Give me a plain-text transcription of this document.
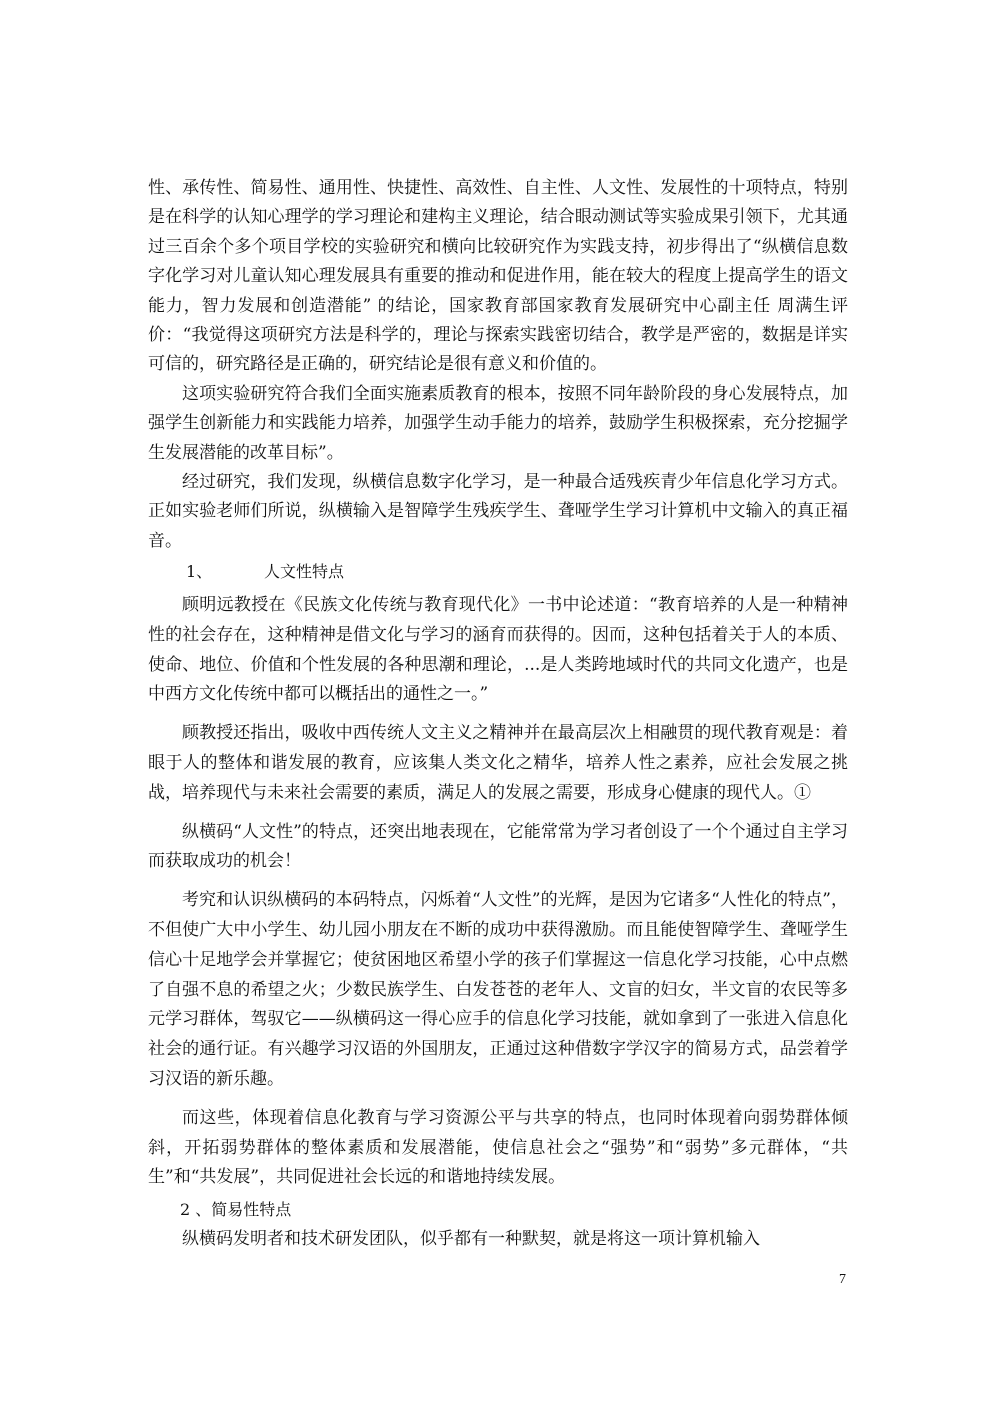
性、承传性、简易性、通用性、快捷性、高效性、自主性、人文性、发展性的十项特点，特别是在科学的认知心理学的学习理论和建构主义理论，结合眼动测试等实验成果引领下，尤其通过三百余个多个项目学校的实验研究和横向比较研究作为实践支持，初步得出了“纵横信息数字化学习对儿童认知心理发展具有重要的推动和促进作用，能在较大的程度上提高学生的语文能力，智力发展和创造潜能” 的结论，国家教育部国家教育发展研究中心副主任 周满生评价：“我觉得这项研究方法是科学的，理论与探索实践密切结合，教学是严密的，数据是详实可信的，研究路径是正确的，研究结论是很有意义和价值的。

这项实验研究符合我们全面实施素质教育的根本，按照不同年龄阶段的身心发展特点，加强学生创新能力和实践能力培养，加强学生动手能力的培养，鼓励学生积极探索，充分挖掘学生发展潜能的改革目标”。

经过研究，我们发现，纵横信息数字化学习，是一种最合适残疾青少年信息化学习方式。正如实验老师们所说，纵横输入是智障学生残疾学生、聋哑学生学习计算机中文输入的真正福音。

1、	人文性特点

顾明远教授在《民族文化传统与教育现代化》一书中论述道：“教育培养的人是一种精神性的社会存在，这种精神是借文化与学习的涵育而获得的。因而，这种包括着关于人的本质、使命、地位、价值和个性发展的各种思潮和理论，...是人类跨地域时代的共同文化遗产，也是中西方文化传统中都可以概括出的通性之一。”

顾教授还指出，吸收中西传统人文主义之精神并在最高层次上相融贯的现代教育观是：着眼于人的整体和谐发展的教育，应该集人类文化之精华，培养人性之素养，应社会发展之挑战，培养现代与未来社会需要的素质，满足人的发展之需要，形成身心健康的现代人。①

纵横码“人文性”的特点，还突出地表现在，它能常常为学习者创设了一个个通过自主学习而获取成功的机会！

考究和认识纵横码的本码特点，闪烁着“人文性”的光辉，是因为它诸多“人性化的特点”，不但使广大中小学生、幼儿园小朋友在不断的成功中获得激励。而且能使智障学生、聋哑学生信心十足地学会并掌握它；使贫困地区希望小学的孩子们掌握这一信息化学习技能，心中点燃了自强不息的希望之火；少数民族学生、白发苍苍的老年人、文盲的妇女，半文盲的农民等多元学习群体，驾驭它——纵横码这一得心应手的信息化学习技能，就如拿到了一张进入信息化社会的通行证。有兴趣学习汉语的外国朋友，正通过这种借数字学汉字的简易方式，品尝着学习汉语的新乐趣。

而这些，体现着信息化教育与学习资源公平与共享的特点，也同时体现着向弱势群体倾斜，开拓弱势群体的整体素质和发展潜能，使信息社会之“强势”和“弱势”多元群体，“共生”和“共发展”，共同促进社会长远的和谐地持续发展。

2 、简易性特点

纵横码发明者和技术研发团队，似乎都有一种默契，就是将这一项计算机输入

7
